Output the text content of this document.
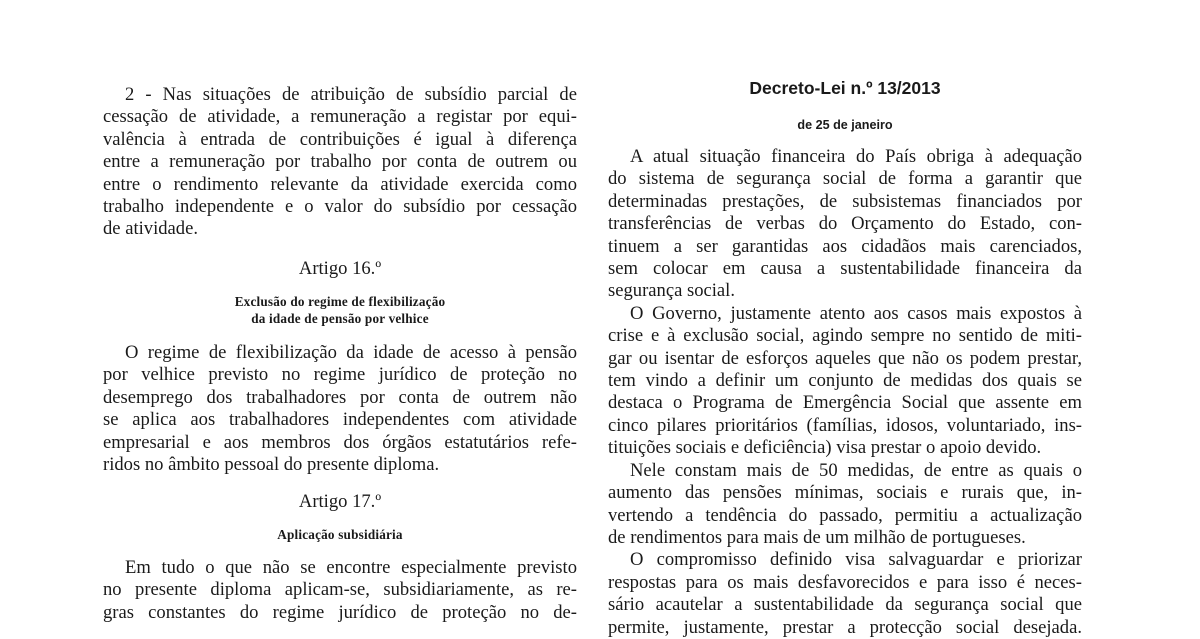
2 - Nas situações de atribuição de subsídio parcial de
cessação de atividade, a remuneração a registar por equi-
valência à entrada de contribuições é igual à diferença
entre a remuneração por trabalho por conta de outrem ou
entre o rendimento relevante da atividade exercida como
trabalho independente e o valor do subsídio por cessação
de atividade.
Artigo 16.º
Exclusão do regime de flexibilização
da idade de pensão por velhice
O regime de flexibilização da idade de acesso à pensão
por velhice previsto no regime jurídico de proteção no
desemprego dos trabalhadores por conta de outrem não
se aplica aos trabalhadores independentes com atividade
empresarial e aos membros dos órgãos estatutários refe-
ridos no âmbito pessoal do presente diploma.
Artigo 17.º
Aplicação subsidiária
Em tudo o que não se encontre especialmente previsto
no presente diploma aplicam-se, subsidiariamente, as re-
gras constantes do regime jurídico de proteção no de-
Decreto-Lei n.º 13/2013
de 25 de janeiro
A atual situação financeira do País obriga à adequação
do sistema de segurança social de forma a garantir que
determinadas prestações, de subsistemas financiados por
transferências de verbas do Orçamento do Estado, con-
tinuem a ser garantidas aos cidadãos mais carenciados,
sem colocar em causa a sustentabilidade financeira da
segurança social.
O Governo, justamente atento aos casos mais expostos à
crise e à exclusão social, agindo sempre no sentido de miti-
gar ou isentar de esforços aqueles que não os podem prestar,
tem vindo a definir um conjunto de medidas dos quais se
destaca o Programa de Emergência Social que assente em
cinco pilares prioritários (famílias, idosos, voluntariado, ins-
tituições sociais e deficiência) visa prestar o apoio devido.
Nele constam mais de 50 medidas, de entre as quais o
aumento das pensões mínimas, sociais e rurais que, in-
vertendo a tendência do passado, permitiu a actualização
de rendimentos para mais de um milhão de portugueses.
O compromisso definido visa salvaguardar e priorizar
respostas para os mais desfavorecidos e para isso é neces-
sário acautelar a sustentabilidade da segurança social que
permite, justamente, prestar a protecção social desejada.
